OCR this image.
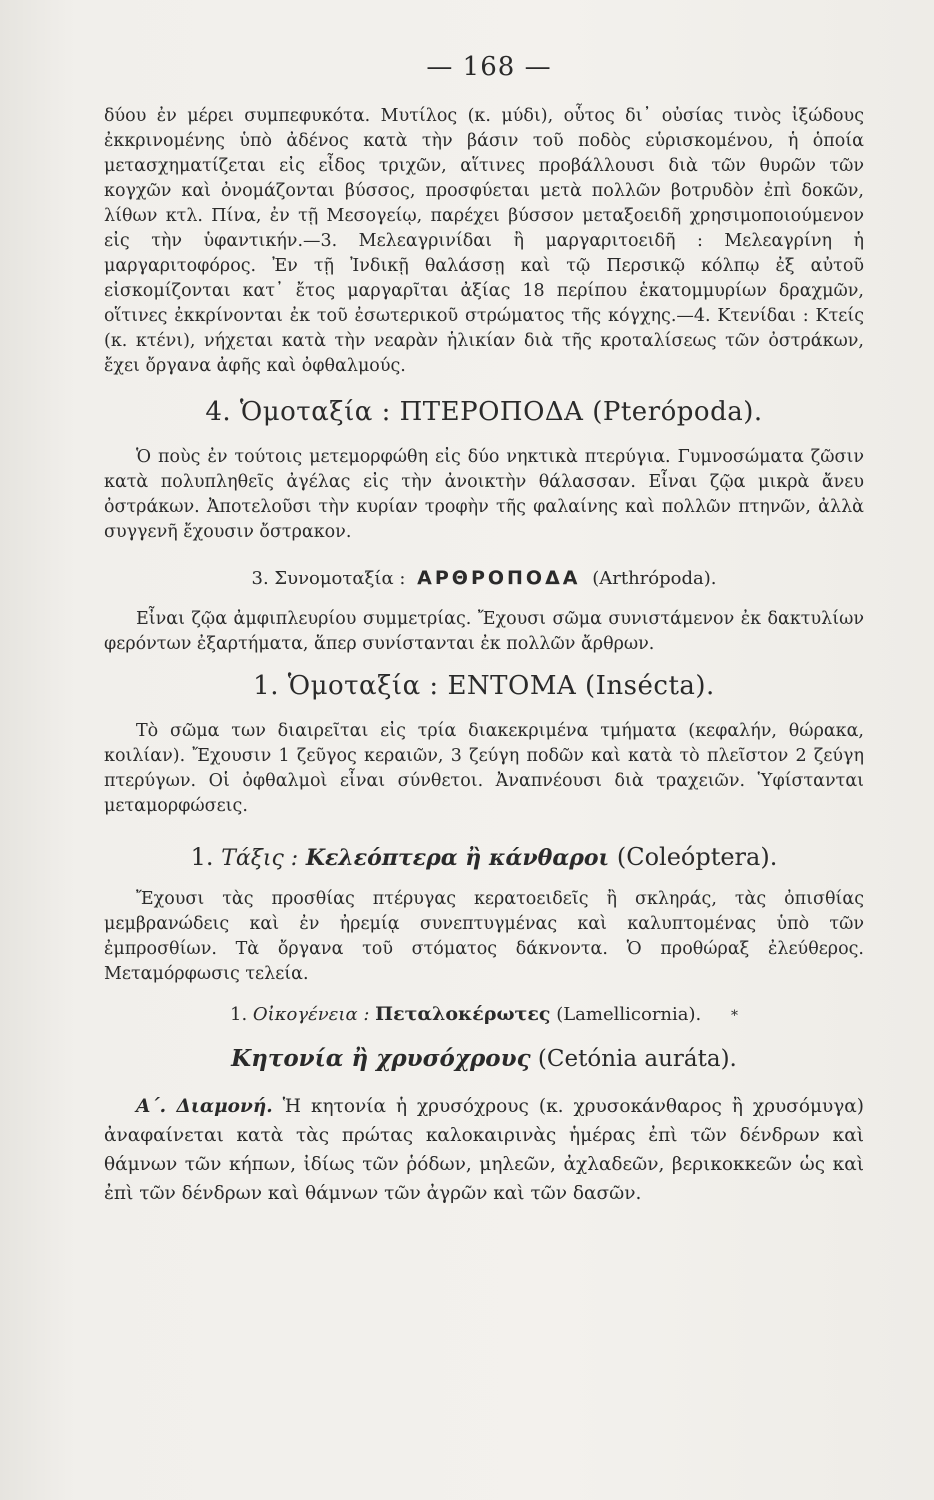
— 168 —

δύου ἐν μέρει συμπεφυκότα. Μυτίλος (κ. μύδι), οὗτος δι᾽ οὐσίας τινὸς ἰξώδους ἐκκρινομένης ὑπὸ ἀδένος κατὰ τὴν βάσιν τοῦ ποδὸς εὑρισκομένου, ἡ ὁποία μετασχηματίζεται εἰς εἶδος τριχῶν, αἵτινες προβάλλουσι διὰ τῶν θυρῶν τῶν κογχῶν καὶ ὀνομάζονται βύσσος, προσφύεται μετὰ πολλῶν βοτρυδὸν ἐπὶ δοκῶν, λίθων κτλ. Πίνα, ἐν τῇ Μεσογείῳ, παρέχει βύσσον μεταξοειδῆ χρησιμοποιούμενον εἰς τὴν ὑφαντικήν.—3. Μελεαγρινίδαι ἢ μαργαριτοειδῆ : Μελεαγρίνη ἡ μαργαριτοφόρος. Ἐν τῇ Ἰνδικῇ θαλάσσῃ καὶ τῷ Περσικῷ κόλπῳ ἐξ αὐτοῦ εἰσκομίζονται κατ᾽ ἔτος μαργαρῖται ἀξίας 18 περίπου ἑκατομμυρίων δραχμῶν, οἵτινες ἐκκρίνονται ἐκ τοῦ ἐσωτερικοῦ στρώματος τῆς κόγχης.—4. Κτενίδαι : Κτείς (κ. κτένι), νήχεται κατὰ τὴν νεαρὰν ἡλικίαν διὰ τῆς κροταλίσεως τῶν ὀστράκων, ἔχει ὄργανα ἀφῆς καὶ ὀφθαλμούς.

4. Ὁμοταξία : ΠΤΕΡΟΠΟΔΑ (Pterópoda).

Ὁ ποὺς ἐν τούτοις μετεμορφώθη εἰς δύο νηκτικὰ πτερύγια. Γυμνοσώματα ζῶσιν κατὰ πολυπληθεῖς ἀγέλας εἰς τὴν ἀνοικτὴν θάλασσαν. Εἶναι ζῷα μικρὰ ἄνευ ὀστράκων. Ἀποτελοῦσι τὴν κυρίαν τροφὴν τῆς φαλαίνης καὶ πολλῶν πτηνῶν, ἀλλὰ συγγενῆ ἔχουσιν ὄστρακον.

3. Συνομοταξία : ΑΡΘΡΟΠΟΔΑ (Arthrópoda).

Εἶναι ζῷα ἀμφιπλευρίου συμμετρίας. Ἔχουσι σῶμα συνιστάμενον ἐκ δακτυλίων φερόντων ἐξαρτήματα, ἅπερ συνίστανται ἐκ πολλῶν ἄρθρων.

1. Ὁμοταξία : ΕΝΤΟΜΑ (Inséсta).

Τὸ σῶμα των διαιρεῖται εἰς τρία διακεκριμένα τμήματα (κεφαλήν, θώρακα, κοιλίαν). Ἔχουσιν 1 ζεῦγος κεραιῶν, 3 ζεύγη ποδῶν καὶ κατὰ τὸ πλεῖστον 2 ζεύγη πτερύγων. Οἱ ὀφθαλμοὶ εἶναι σύνθετοι. Ἀναπνέουσι διὰ τραχειῶν. Ὑφίστανται μεταμορφώσεις.

1. Τάξις : Κελεόπτερα ἢ κάνθαροι (Coleóptera).

Ἔχουσι τὰς προσθίας πτέρυγας κερατοειδεῖς ἢ σκληράς, τὰς ὀπισθίας μεμβρανώδεις καὶ ἐν ἠρεμίᾳ συνεπτυγμένας καὶ καλυπτομένας ὑπὸ τῶν ἐμπροσθίων. Τὰ ὄργανα τοῦ στόματος δάκνοντα. Ὁ προθώραξ ἐλεύθερος. Μεταμόρφωσις τελεία.

1. Οἰκογένεια : Πεταλοκέρωτες (Lamellicornia). *
Κητονία ἢ χρυσόχρους (Cetónia auráta).

Α΄. Διαμονή. Ἡ κητονία ἡ χρυσόχρους (κ. χρυσοκάνθαρος ἢ χρυσόμυγα) ἀναφαίνεται κατὰ τὰς πρώτας καλοκαιρινὰς ἡμέρας ἐπὶ τῶν δένδρων καὶ θάμνων τῶν κήπων, ἰδίως τῶν ῥόδων, μηλεῶν, ἀχλαδεῶν, βερικοκκεῶν ὡς καὶ ἐπὶ τῶν δένδρων καὶ θάμνων τῶν ἀγρῶν καὶ τῶν δασῶν.
